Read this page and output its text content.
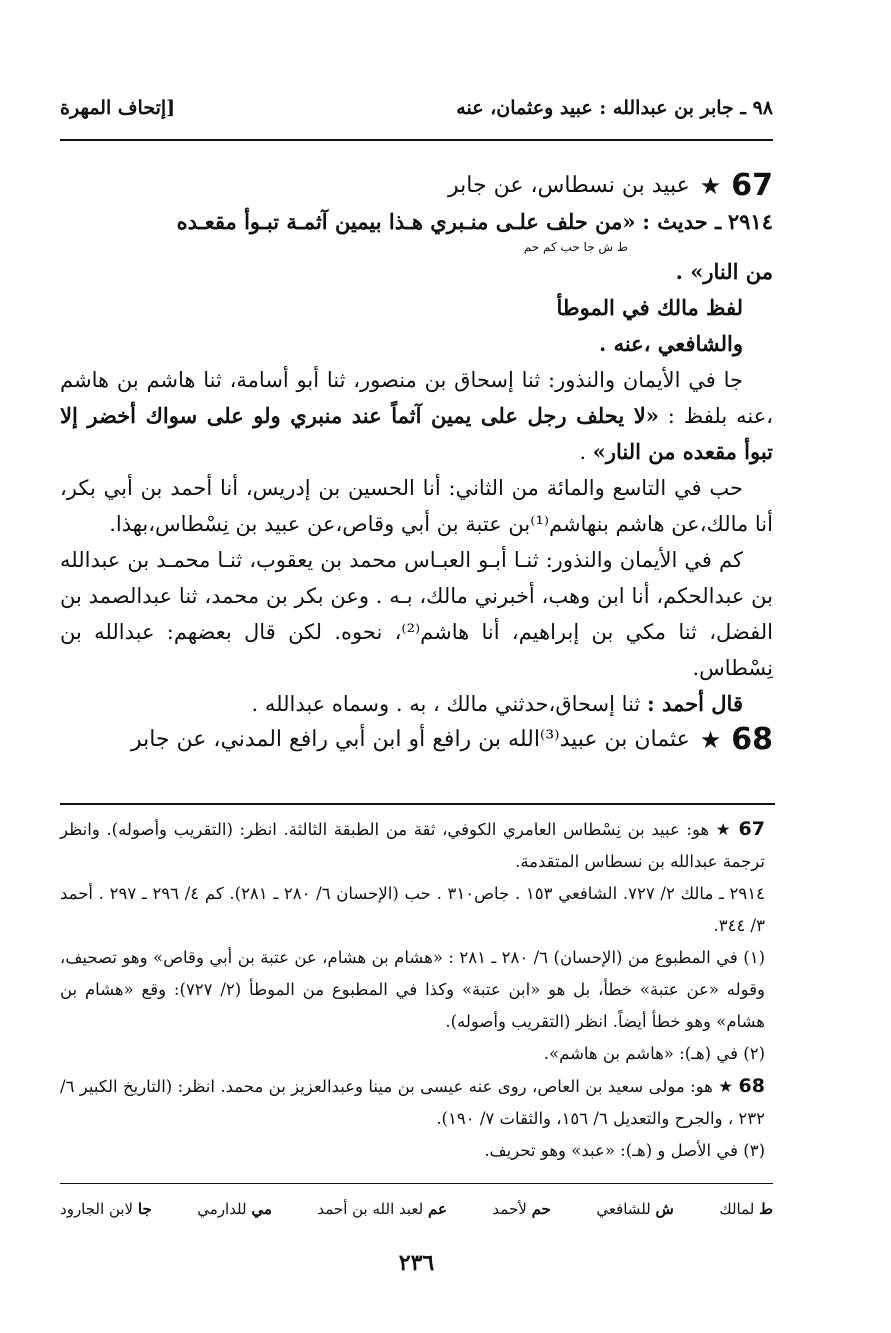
٩٨ ـ جابر بن عبدالله : عبيد وعثمان، عنه
[إتحاف المهرة
67
★
عبيد بن نسطاس، عن جابر

٢٩١٤ ـ حديث : «من حلف علـى منـبري هـذا بيمين آثمـة تبـوأ مقعـده

ط ش جا حب كم حم

من النار» .

لفظ مالك في الموطأ

والشافعي ،عنه .

جا في الأيمان والنذور: ثنا إسحاق بن منصور، ثنا أبو أسامة، ثنا هاشم بن هاشم ،عنه بلفظ : «لا يحلف رجل على يمين آثماً عند منبري ولو على سواك أخضر إلا تبوأ مقعده من النار» .

حب في التاسع والمائة من الثاني: أنا الحسين بن إدريس، أنا أحمد بن أبي بكر، أنا مالك،عن هاشم بنهاشم⁽¹⁾بن عتبة بن أبي وقاص،عن عبيد بن نِسْطاس،بهذا.

كم في الأيمان والنذور: ثنـا أبـو العبـاس محمد بن يعقوب، ثنـا محمـد بن عبدالله بن عبدالحكم، أنا ابن وهب، أخبرني مالك، بـه . وعن بكر بن محمد، ثنا عبدالصمد بن الفضل، ثنا مكي بن إبراهيم، أنا هاشم⁽²⁾، نحوه. لكن قال بعضهم: عبدالله بن نِسْطاس.

قال أحمد : ثنا إسحاق،حدثني مالك ، به . وسماه عبدالله .

68
★
عثمان بن عبيد⁽³⁾الله بن رافع أو ابن أبي رافع المدني، عن جابر

67 ★ هو: عبيد بن نِسْطاس العامري الكوفي، ثقة من الطبقة الثالثة. انظر: (التقريب وأصوله). وانظر ترجمة عبدالله بن نسطاس المتقدمة.

٢٩١٤ ـ مالك ٢/ ٧٢٧. الشافعي ١٥٣ . جاص٣١٠ . حب (الإحسان ٦/ ٢٨٠ ـ ٢٨١). كم ٤/ ٢٩٦ ـ ٢٩٧ . أحمد ٣/ ٣٤٤.

(١) في المطبوع من (الإحسان) ٦/ ٢٨٠ ـ ٢٨١ : «هشام بن هشام، عن عتبة بن أبي وقاص» وهو تصحيف، وقوله «عن عتبة» خطأ، بل هو «ابن عتبة» وكذا في المطبوع من الموطأ (٢/ ٧٢٧): وقع «هشام بن هشام» وهو خطأ أيضاً. انظر (التقريب وأصوله).

(٢) في (هـ): «هاشم بن هاشم».

68 ★ هو: مولى سعيد بن العاص، روى عنه عيسى بن مينا وعبدالعزيز بن محمد. انظر: (التاريخ الكبير ٦/ ٢٣٢ ، والجرح والتعديل ٦/ ١٥٦، والثقات ٧/ ١٩٠).

(٣) في الأصل و (هـ): «عبد» وهو تحريف.

ط لمالك
ش للشافعي
حم لأحمد
عم لعبد الله بن أحمد
مي للدارمي
جا لابن الجارود
٢٣٦
